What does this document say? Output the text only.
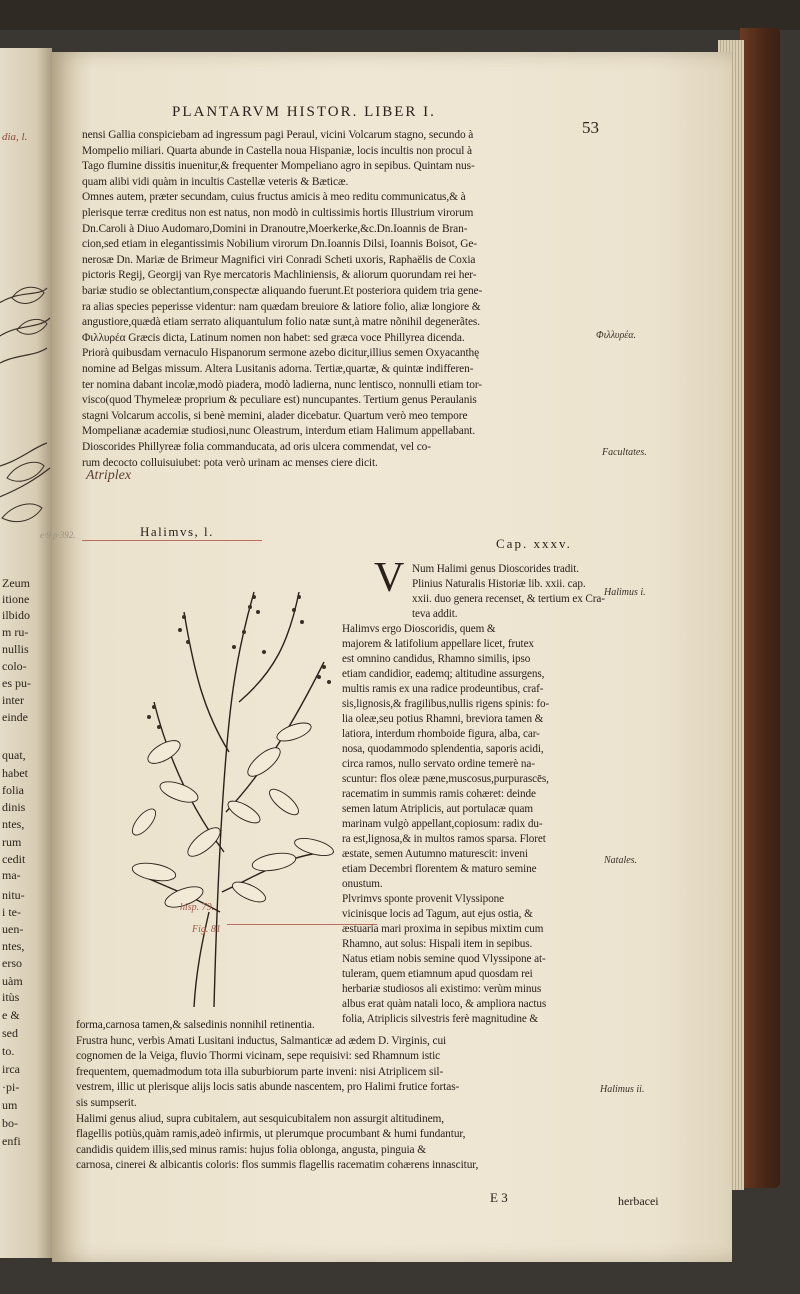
dia, l.
Zeum
itione
ilbido
m ru-
nullis
colo-
es pu-
inter
einde
quat,
habet
folia
dinis
ntes,
rum
cedit
ma-
nitu-
i te-
uen-
ntes,
erso
uàm
itùs
e &
sed
to.
irca
·pi-
um
bo-
enfi
PLANTARVM HISTOR. LIBER I.
53
nensi Gallia conspiciebam ad ingressum pagi Peraul, vicini Volcarum stagno, secundo à
Mompelio miliari. Quarta abunde in Castella noua Hispaniæ, locis incultis non procul à
Tago flumine dissitis inuenitur,& frequenter Mompeliano agro in sepibus. Quintam nus-
quam alibi vidi quàm in incultis Castellæ veteris & Bæticæ.
Omnes autem, præter secundam, cuius fructus amicis à meo reditu communicatus,& à
plerisque terræ creditus non est natus, non modò in cultissimis hortis Illustrium virorum
Dn.Caroli à Diuo Audomaro,Domini in Dranoutre,Moerkerke,&c.Dn.Ioannis de Bran-
cion,sed etiam in elegantissimis Nobilium virorum Dn.Ioannis Dilsi, Ioannis Boisot, Ge-
nerosæ Dn. Mariæ de Brimeur Magnifici viri Conradi Scheti uxoris, Raphaëlis de Coxia
pictoris Regij, Georgij van Rye mercatoris Machliniensis, & aliorum quorundam rei her-
bariæ studio se oblectantium,conspectæ aliquando fuerunt.Et posteriora quidem tria gene-
ra alias species peperisse videntur: nam quædam breuiore & latiore folio, aliæ longiore &
angustiore,quædà etiam serrato aliquantulum folio natæ sunt,à matre nõnihil degenerãtes.
Φιλλυρέα Græcis dicta, Latinum nomen non habet: sed græca voce Phillyrea dicenda.
Priorà quibusdam vernaculo Hispanorum sermone azebo dicitur,illius semen Oxyacanthę
nomine ad Belgas missum. Altera Lusitanis adorna. Tertiæ,quartæ, & quintæ indifferen-
ter nomina dabant incolæ,modò piadera, modò ladierna, nunc lentisco, nonnulli etiam tor-
visco(quod Thymeleæ proprium & peculiare est) nuncupantes. Tertium genus Peraulanis
stagni Volcarum accolis, si benè memini, alader dicebatur. Quartum verò meo tempore
Mompelianæ academiæ studiosi,nunc Oleastrum, interdum etiam Halimum appellabant.
Dioscorides Phillyreæ folia commanducata, ad oris ulcera commendat, vel co-
rum decocto colluisuiubet: pota verò urinam ac menses ciere dicit.
Atriplex
Halimvs, l.
Cap. xxxv.
V
e·9·p·392.
hisp. 79.
Fig. 81
Num Halimi genus Dioscorides tradit.
Plinius Naturalis Historiæ lib. xxii. cap.
xxii. duo genera recenset, & tertium ex Cra-
teva addit.
Halimvs ergo Dioscoridis, quem &
majorem & latifolium appellare licet, frutex
est omnino candidus, Rhamno similis, ipso
etiam candidior, eademq; altitudine assurgens,
multis ramis ex una radice prodeuntibus, craf-
sis,lignosis,& fragilibus,nullis rigens spinis: fo-
lia oleæ,seu potius Rhamni, breviora tamen &
latiora, interdum rhomboide figura, alba, car-
nosa, quodammodo splendentia, saporis acidi,
circa ramos, nullo servato ordine temerè na-
scuntur: flos oleæ pæne,muscosus,purpurascēs,
racematim in summis ramis cohæret: deinde
semen latum Atriplicis, aut portulacæ quam
marinam vulgò appellant,copiosum: radix du-
ra est,lignosa,& in multos ramos sparsa. Floret
æstate, semen Autumno maturescit: inveni
etiam Decembri florentem & maturo semine
onustum.
Plvrimvs sponte provenit Vlyssipone
vicinisque locis ad Tagum, aut ejus ostia, &
æstuaria mari proxima in sepibus mixtim cum
Rhamno, aut solus: Hispali item in sepibus.
Natus etiam nobis semine quod Vlyssipone at-
tuleram, quem etiamnum apud quosdam rei
herbariæ studiosos ali existimo: verùm minus
albus erat quàm natali loco, & ampliora nactus
folia, Atriplicis silvestris ferè magnitudine &
forma,carnosa tamen,& salsedinis nonnihil retinentia.
Frustra hunc, verbis Amati Lusitani inductus, Salmanticæ ad ædem D. Virginis, cui
cognomen de la Veiga, fluvio Thormi vicinam, sepe requisivi: sed Rhamnum istic
frequentem, quemadmodum tota illa suburbiorum parte inveni: nisi Atriplicem sil-
vestrem, illic ut plerisque alijs locis satis abunde nascentem, pro Halimi frutice fortas-
sis sumpserit.
Halimi genus aliud, supra cubitalem, aut sesquicubitalem non assurgit altitudinem,
flagellis potiùs,quàm ramis,adeò infirmis, ut plerumque procumbant & humi fundantur,
candidis quidem illis,sed minus ramis: hujus folia oblonga, angusta, pinguia &
carnosa, cinerei & albicantis coloris: flos summis flagellis racematim cohærens innascitur,
Φιλλυρέα.
Facultates.
Halimus i.
Natales.
Halimus ii.
E 3	herbacei
